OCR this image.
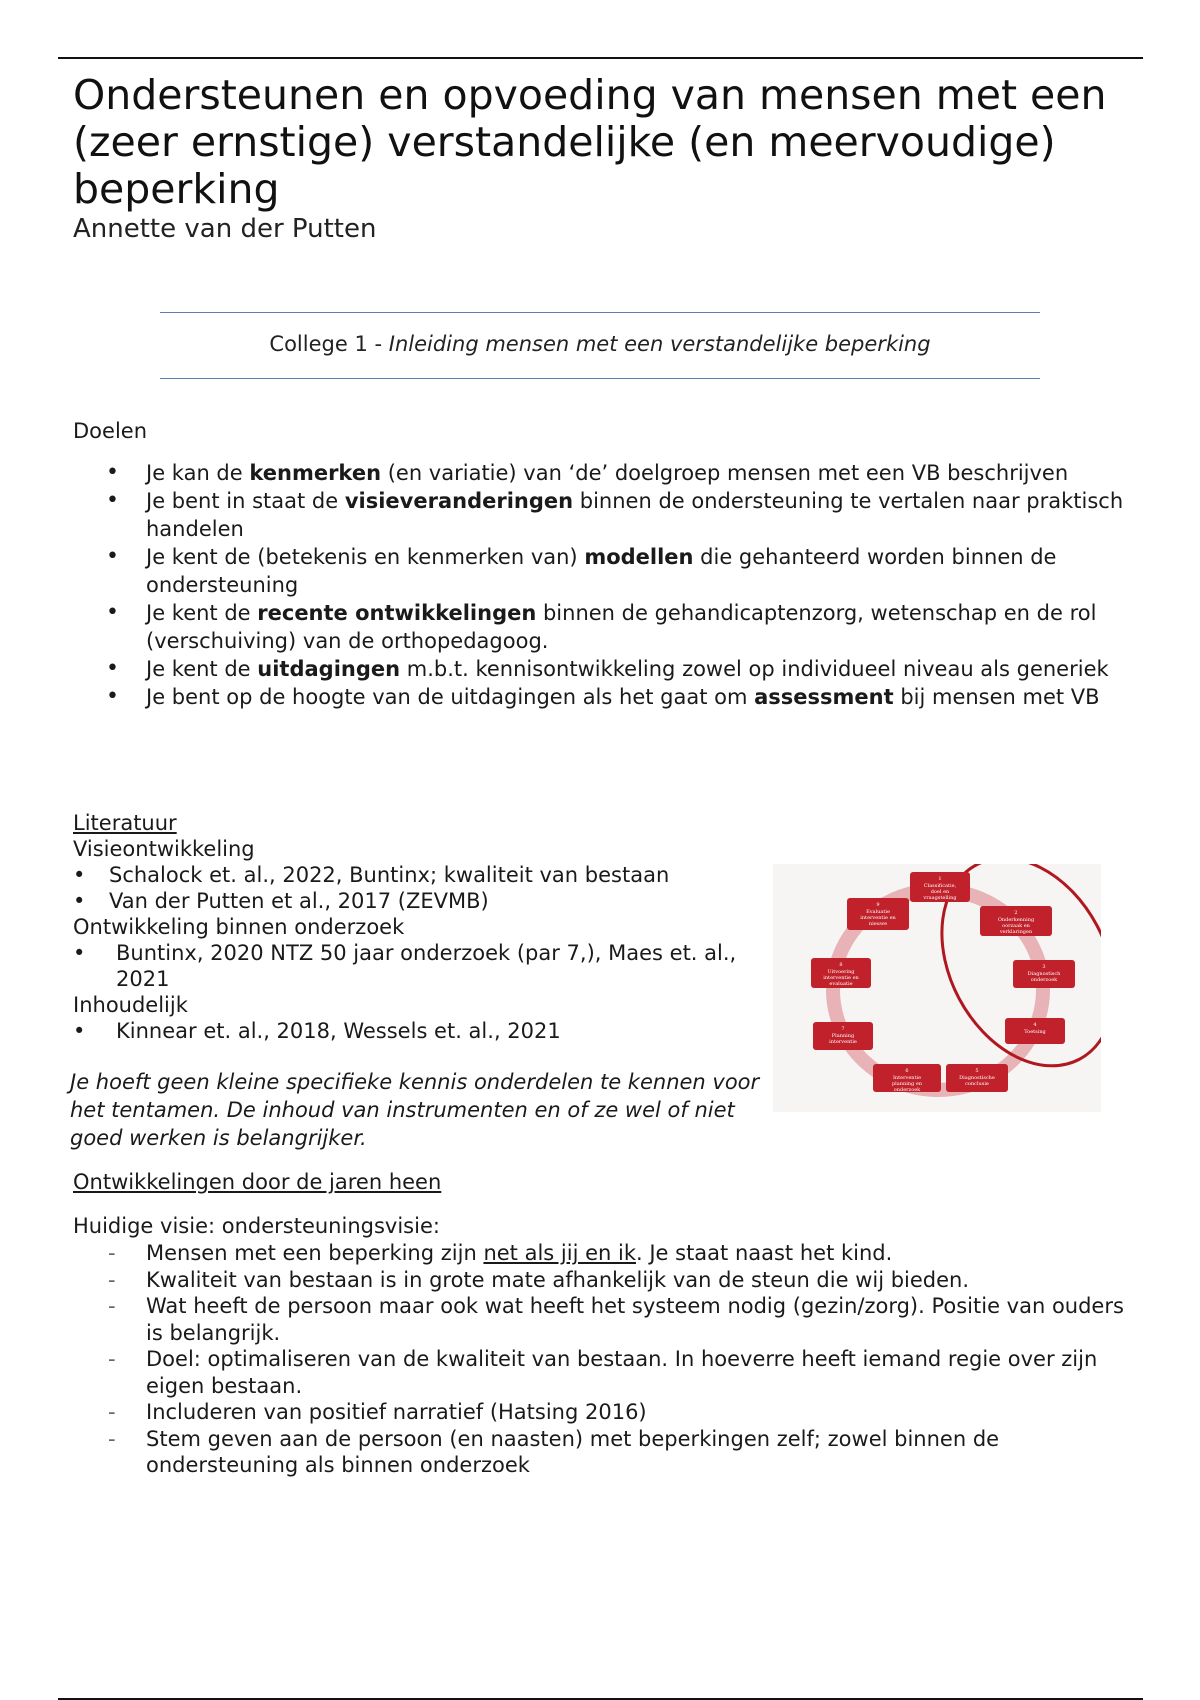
Ondersteunen en opvoeding van mensen met een (zeer ernstige) verstandelijke (en meervoudige) beperking
Annette van der Putten
College 1 - Inleiding mensen met een verstandelijke beperking
Doelen
• Je kan de kenmerken (en variatie) van ‘de’ doelgroep mensen met een VB beschrijven
• Je bent in staat de visieveranderingen binnen de ondersteuning te vertalen naar praktisch handelen
• Je kent de (betekenis en kenmerken van) modellen die gehanteerd worden binnen de ondersteuning
• Je kent de recente ontwikkelingen binnen de gehandicaptenzorg, wetenschap en de rol (verschuiving) van de orthopedagoog.
• Je kent de uitdagingen m.b.t. kennisontwikkeling zowel op individueel niveau als generiek
• Je bent op de hoogte van de uitdagingen als het gaat om assessment bij mensen met VB
Literatuur
Visieontwikkeling
• Schalock et. al., 2022, Buntinx; kwaliteit van bestaan
• Van der Putten et al., 2017 (ZEVMB)
Ontwikkeling binnen onderzoek
• Buntinx, 2020 NTZ 50 jaar onderzoek (par 7,), Maes et. al., 2021
Inhoudelijk
• Kinnear et. al., 2018, Wessels et. al., 2021
1
Classificatie,
doel en
vraagstelling
2
Onderkenning
oorzaak en
verklaringen
3
Diagnostisch
onderzoek
4
Toetsing
5
Diagnostische
conclusie
6
Interventie
planning en
onderzoek
7
Planning
interventie
8
Uitvoering
interventie en
evaluatie
9
Evaluatie
interventie en
nieuwe
Je hoeft geen kleine specifieke kennis onderdelen te kennen voor het tentamen. De inhoud van instrumenten en of ze wel of niet goed werken is belangrijker.
Ontwikkelingen door de jaren heen
Huidige visie: ondersteuningsvisie:
- Mensen met een beperking zijn net als jij en ik. Je staat naast het kind.
- Kwaliteit van bestaan is in grote mate afhankelijk van de steun die wij bieden.
- Wat heeft de persoon maar ook wat heeft het systeem nodig (gezin/zorg). Positie van ouders is belangrijk.
- Doel: optimaliseren van de kwaliteit van bestaan. In hoeverre heeft iemand regie over zijn eigen bestaan.
- Includeren van positief narratief (Hatsing 2016)
- Stem geven aan de persoon (en naasten) met beperkingen zelf; zowel binnen de ondersteuning als binnen onderzoek
